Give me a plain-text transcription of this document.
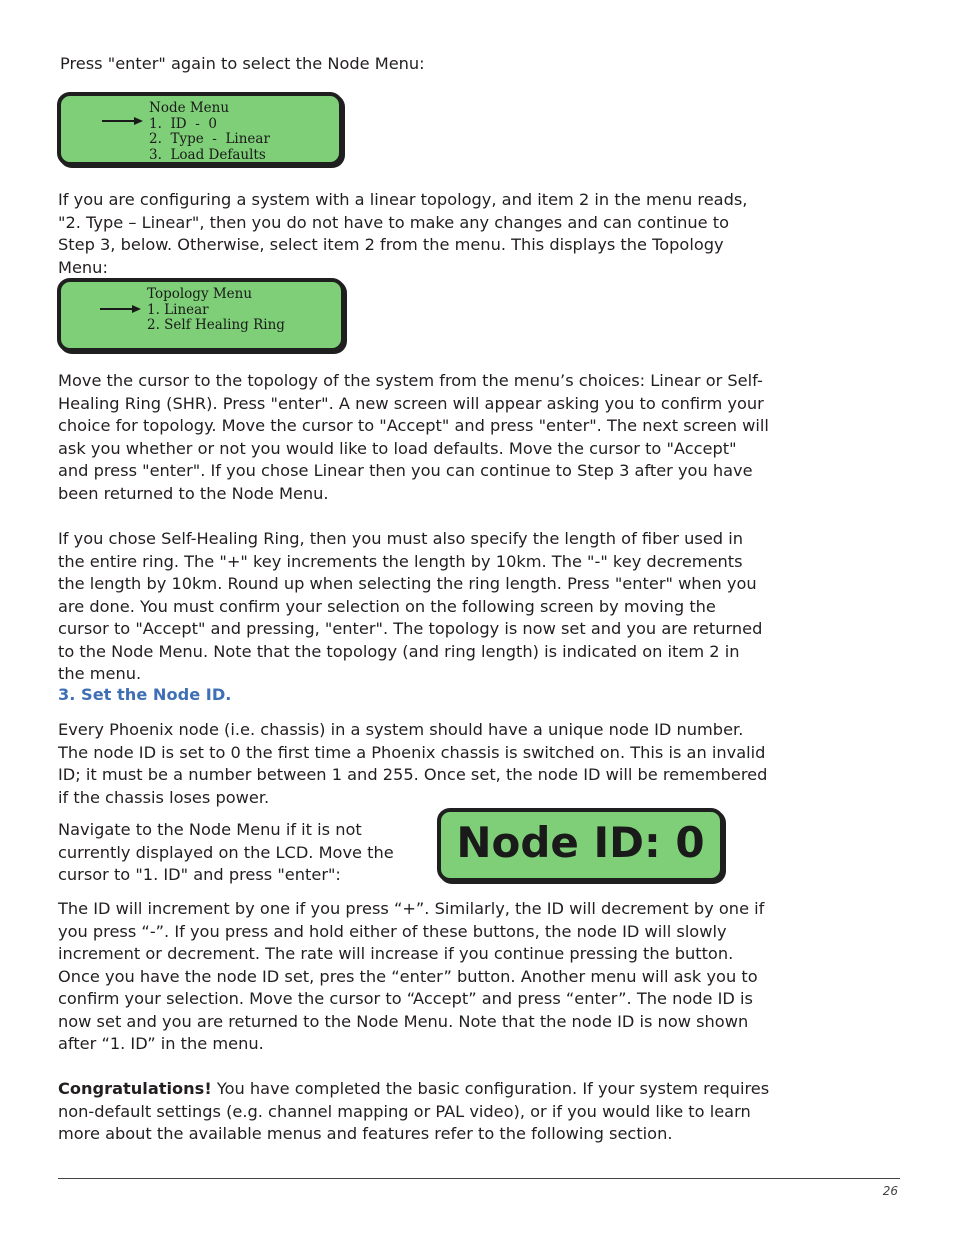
Press "enter" again to select the Node Menu:

Node Menu
1.  ID  -  0
2.  Type  -  Linear
3.  Load Defaults

If you are configuring a system with a linear topology, and item 2 in the menu reads, "2. Type – Linear", then you do not have to make any changes and can continue to Step 3, below. Otherwise, select item 2 from the menu. This displays the Topology Menu:

Topology Menu
1. Linear
2. Self Healing Ring

Move the cursor to the topology of the system from the menu’s choices: Linear or Self-Healing Ring (SHR). Press "enter". A new screen will appear asking you to confirm your choice for topology. Move the cursor to "Accept" and press "enter". The next screen will ask you whether or not you would like to load defaults. Move the cursor to "Accept" and press "enter". If you chose Linear then you can continue to Step 3 after you have been returned to the Node Menu.

If you chose Self-Healing Ring, then you must also specify the length of fiber used in the entire ring. The "+" key increments the length by 10km. The "-" key decrements the length by 10km. Round up when selecting the ring length. Press "enter" when you are done. You must confirm your selection on the following screen by moving the cursor to "Accept" and pressing, "enter". The topology is now set and you are returned to the Node Menu. Note that the topology (and ring length) is indicated on item 2 in the menu.

3. Set the Node ID.

Every Phoenix node (i.e. chassis) in a system should have a unique node ID number. The node ID is set to 0 the first time a Phoenix chassis is switched on. This is an invalid ID; it must be a number between 1 and 255. Once set, the node ID will be remembered if the chassis loses power.

Navigate to the Node Menu if it is not currently displayed on the LCD. Move the cursor to "1. ID" and press "enter":

Node ID: 0

The ID will increment by one if you press “+”. Similarly, the ID will decrement by one if you press “-”. If you press and hold either of these buttons, the node ID will slowly increment or decrement. The rate will increase if you continue pressing the button. Once you have the node ID set, pres the “enter” button. Another menu will ask you to confirm your selection. Move the cursor to “Accept” and press “enter”. The node ID is now set and you are returned to the Node Menu. Note that the node ID is now shown after “1. ID” in the menu.

Congratulations! You have completed the basic configuration. If your system requires non-default settings (e.g. channel mapping or PAL video), or if you would like to learn more about the available menus and features refer to the following section.

26
